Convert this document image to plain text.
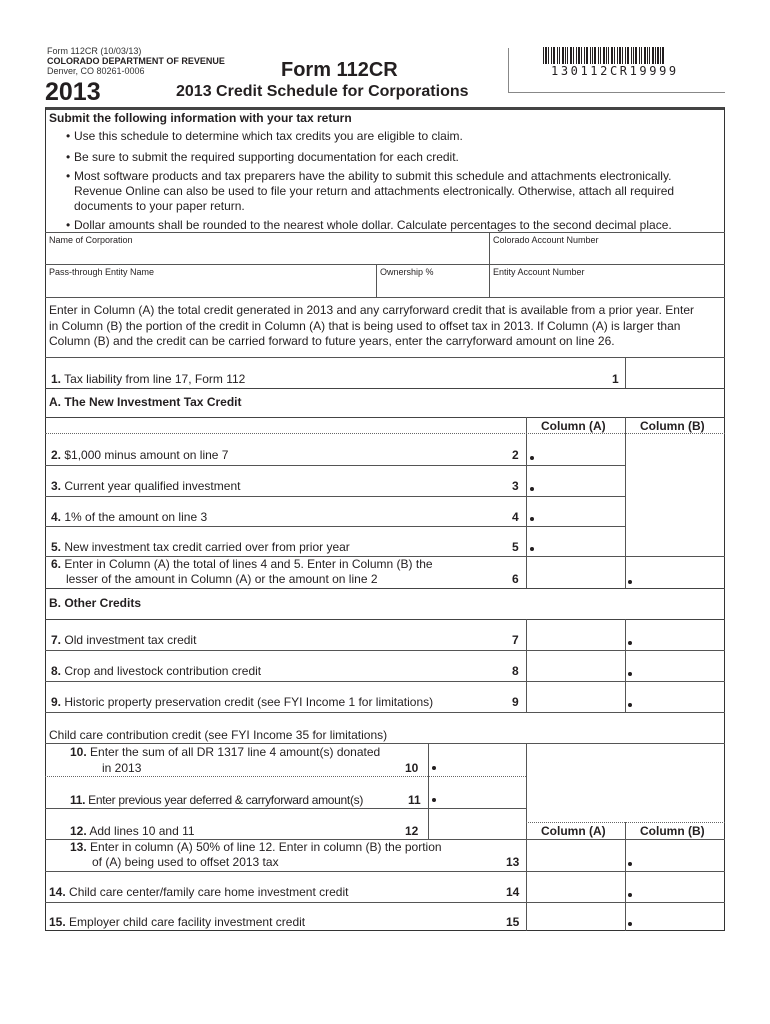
Form 112CR (10/03/13)
COLORADO DEPARTMENT OF REVENUE
Denver, CO 80261-0006
2013
Form 112CR
2013 Credit Schedule for Corporations
130112CR19999
Submit the following information with your tax return
• Use this schedule to determine which tax credits you are eligible to claim.
• Be sure to submit the required supporting documentation for each credit.
• Most software products and tax preparers have the ability to submit this schedule and attachments electronically.
Revenue Online can also be used to file your return and attachments electronically. Otherwise, attach all required
documents to your paper return.
• Dollar amounts shall be rounded to the nearest whole dollar. Calculate percentages to the second decimal place.
Name of Corporation	Colorado Account Number
Pass-through Entity Name	Ownership %	Entity Account Number
Enter in Column (A) the total credit generated in 2013 and any carryforward credit that is available from a prior year. Enter
in Column (B) the portion of the credit in Column (A) that is being used to offset tax in 2013. If Column (A) is larger than
Column (B) and the credit can be carried forward to future years, enter the carryforward amount on line 26.
1. Tax liability from line 17, Form 112	1
A. The New Investment Tax Credit
Column (A)	Column (B)
2. $1,000 minus amount on line 7	2
3. Current year qualified investment	3
4. 1% of the amount on line 3	4
5. New investment tax credit carried over from prior year	5
6. Enter in Column (A) the total of lines 4 and 5. Enter in Column (B) the
lesser of the amount in Column (A) or the amount on line 2	6
B. Other Credits
7. Old investment tax credit	7
8. Crop and livestock contribution credit	8
9. Historic property preservation credit (see FYI Income 1 for limitations)	9
Child care contribution credit (see FYI Income 35 for limitations)
10. Enter the sum of all DR 1317 line 4 amount(s) donated
in 2013	10
11. Enter previous year deferred & carryforward amount(s)	11
12. Add lines 10 and 11	12	Column (A)	Column (B)
13. Enter in column (A) 50% of line 12. Enter in column (B) the portion
of (A) being used to offset 2013 tax	13
14. Child care center/family care home investment credit	14
15. Employer child care facility investment credit	15
